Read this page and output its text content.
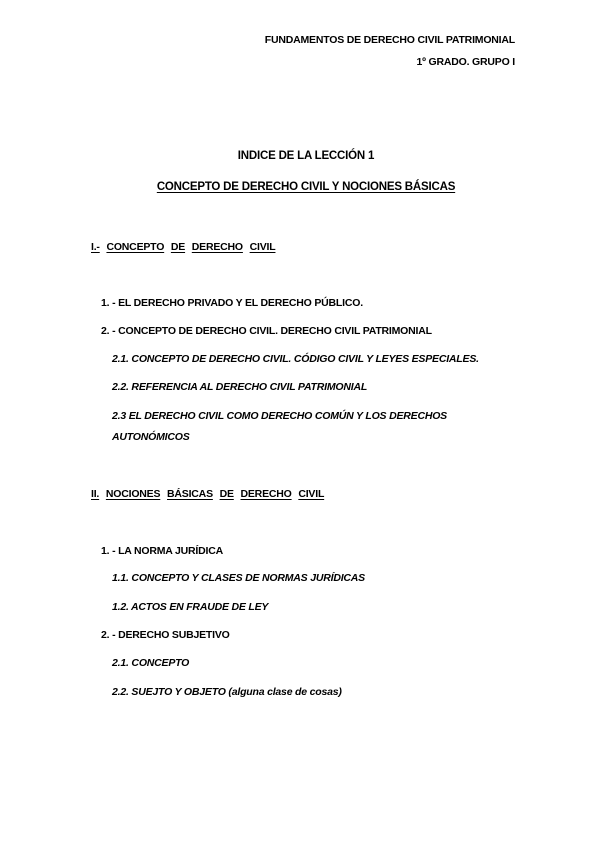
FUNDAMENTOS DE DERECHO CIVIL PATRIMONIAL
1º GRADO. GRUPO I
INDICE DE LA LECCIÓN 1
CONCEPTO DE DERECHO CIVIL Y NOCIONES BÁSICAS
I.- CONCEPTO DE DERECHO CIVIL
1. - EL DERECHO PRIVADO Y EL DERECHO PÚBLICO.
2. - CONCEPTO DE DERECHO CIVIL. DERECHO CIVIL PATRIMONIAL
2.1. CONCEPTO DE DERECHO CIVIL. CÓDIGO CIVIL Y LEYES ESPECIALES.
2.2. REFERENCIA AL DERECHO CIVIL PATRIMONIAL
2.3 EL DERECHO CIVIL COMO DERECHO COMÚN Y LOS DERECHOS
AUTONÓMICOS
II. NOCIONES BÁSICAS DE DERECHO CIVIL
1. - LA NORMA JURÍDICA
1.1. CONCEPTO Y CLASES DE NORMAS JURÍDICAS
1.2. ACTOS EN FRAUDE DE LEY
2. - DERECHO SUBJETIVO
2.1. CONCEPTO
2.2. SUEJTO Y OBJETO (alguna clase de cosas)
